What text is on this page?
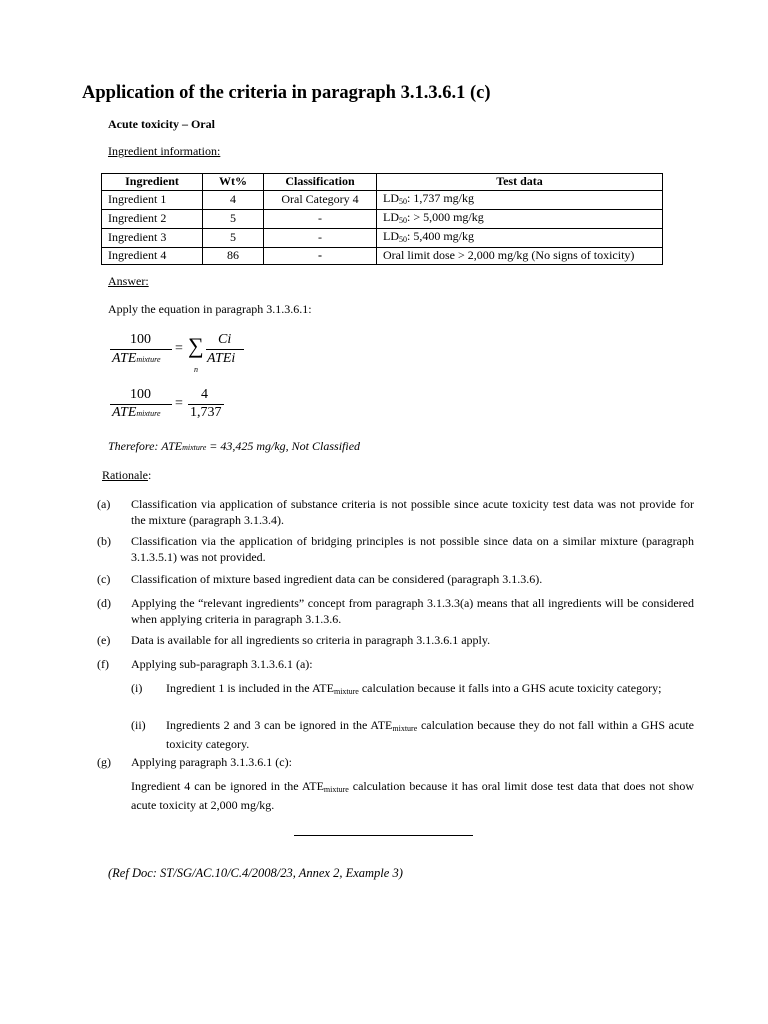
Application of the criteria in paragraph 3.1.3.6.1 (c)
Acute toxicity – Oral
Ingredient information:
Ingredient	Wt%	Classification	Test data
Ingredient 1	4	Oral Category 4	$LD_{50}$: 1,737 mg/kg
Ingredient 2	5	-	$LD_{50}$: > 5,000 mg/kg
Ingredient 3	5	-	$LD_{50}$: 5,400 mg/kg
Ingredient 4	86	-	Oral limit dose > 2,000 mg/kg (No signs of toxicity)
Answer:
Apply the equation in paragraph 3.1.3.6.1:
100
ATEmixture
= ∑
n
Ci
ATEi
100
ATEmixture
=
4
1,737
Therefore: ATEmixture = 43,425 mg/kg, Not Classified
Rationale:
(a) Classification via application of substance criteria is not possible since acute toxicity test data was not provide for the mixture (paragraph 3.1.3.4).
(b) Classification via the application of bridging principles is not possible since data on a similar mixture (paragraph 3.1.3.5.1) was not provided.
(c) Classification of mixture based ingredient data can be considered (paragraph 3.1.3.6).
(d) Applying the “relevant ingredients” concept from paragraph 3.1.3.3(a) means that all ingredients will be considered when applying criteria in paragraph 3.1.3.6.
(e) Data is available for all ingredients so criteria in paragraph 3.1.3.6.1 apply.
(f) Applying sub-paragraph 3.1.3.6.1 (a):
(i) Ingredient 1 is included in the $ATE_{mixture}$ calculation because it falls into a GHS acute toxicity category;
(ii) Ingredients 2 and 3 can be ignored in the $ATE_{mixture}$ calculation because they do not fall within a GHS acute toxicity category.
(g) Applying paragraph 3.1.3.6.1 (c):
Ingredient 4 can be ignored in the $ATE_{mixture}$ calculation because it has oral limit dose test data that does not show acute toxicity at 2,000 mg/kg.
(Ref Doc: ST/SG/AC.10/C.4/2008/23, Annex 2, Example 3)
